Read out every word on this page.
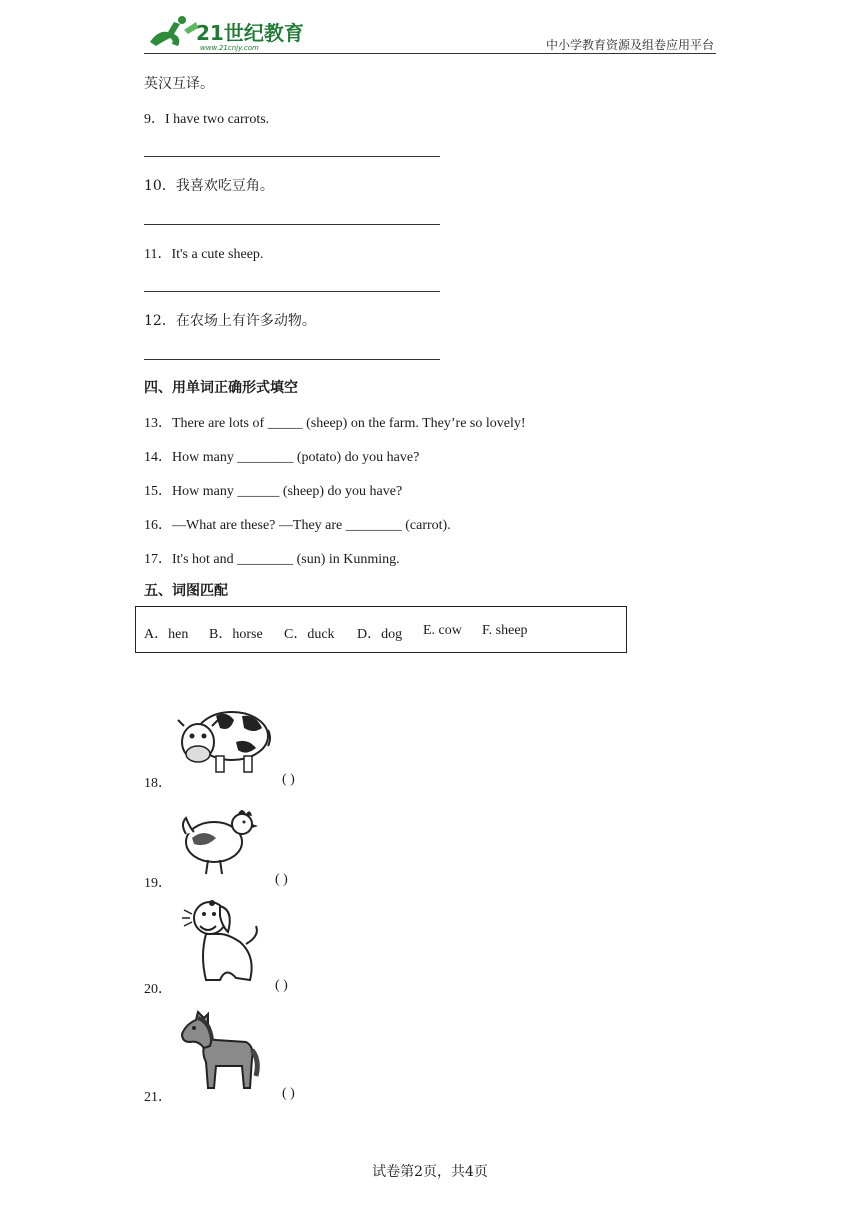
21世纪教育
www.21cnjy.com	中小学教育资源及组卷应用平台
英汉互译。
9．I have two carrots.
10．我喜欢吃豆角。
11．It's a cute sheep.
12．在农场上有许多动物。
四、用单词正确形式填空
13．There are lots of _____ (sheep) on the farm. They’re so lovely!
14．How many ________ (potato) do you have?
15．How many ______ (sheep) do you have?
16．—What are these? —They are ________ (carrot).
17．It's hot and ________ (sun) in Kunming.
五、词图匹配
A．hen B．horse C．duck D．dog E. cow F. sheep
18．	( )
19．	( )
20．	( )
21．	( )
试卷第2页，共4页
